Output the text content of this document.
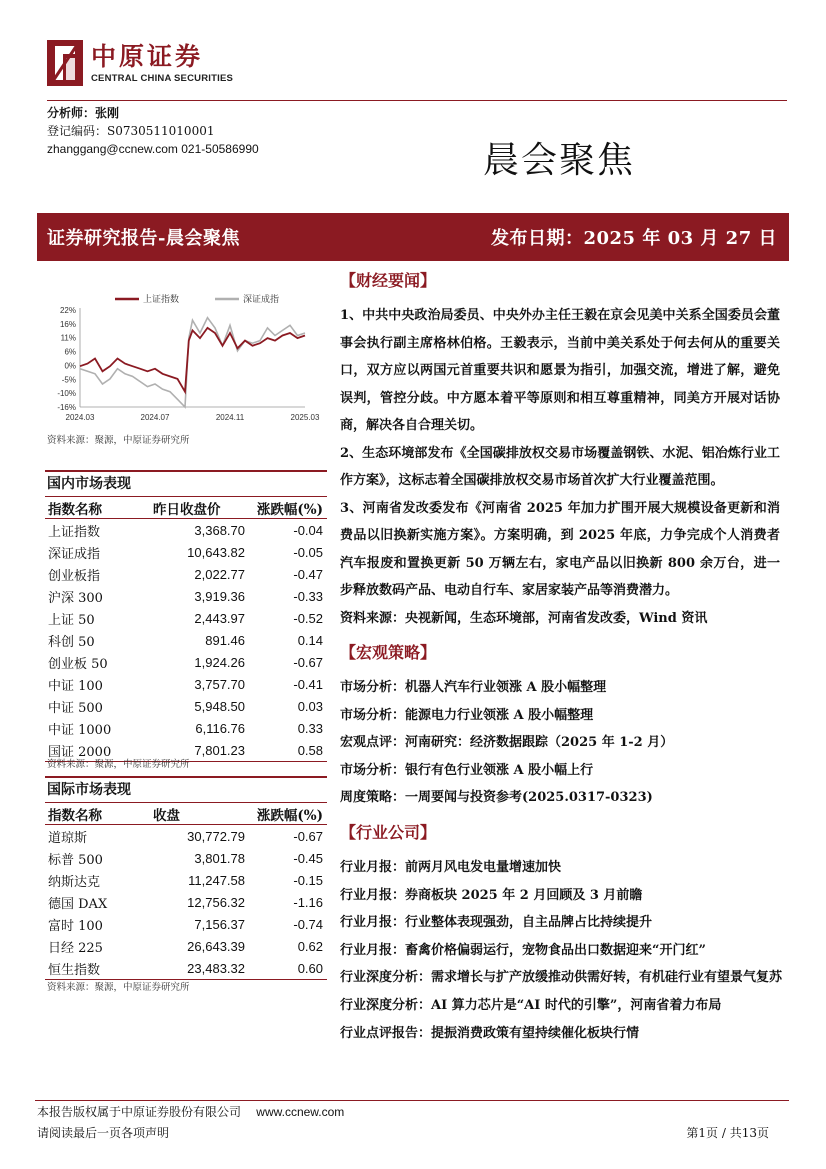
中原证券
CENTRAL CHINA SECURITIES
分析师：张刚
登记编码：S0730511010001
zhanggang@ccnew.com 021-50586990	晨会聚焦
证券研究报告-晨会聚焦	发布日期：2025 年 03 月 27 日
22%
16%
11%
6%
0%
-5%
-10%
-16%
2024.03	2024.07	2024.11	2025.03
上证指数	深证成指
资料来源：聚源，中原证券研究所
国内市场表现
指数名称	昨日收盘价	涨跌幅(%)
上证指数	3,368.70	-0.04
深证成指	10,643.82	-0.05
创业板指	2,022.77	-0.47
沪深 300	3,919.36	-0.33
上证 50	2,443.97	-0.52
科创 50	891.46	0.14
创业板 50	1,924.26	-0.67
中证 100	3,757.70	-0.41
中证 500	5,948.50	0.03
中证 1000	6,116.76	0.33
国证 2000	7,801.23	0.58
资料来源：聚源，中原证券研究所
国际市场表现
指数名称	收盘	涨跌幅(%)
道琼斯	30,772.79	-0.67
标普 500	3,801.78	-0.45
纳斯达克	11,247.58	-0.15
德国 DAX	12,756.32	-1.16
富时 100	7,156.37	-0.74
日经 225	26,643.39	0.62
恒生指数	23,483.32	0.60
资料来源：聚源，中原证券研究所
【财经要闻】
1、中共中央政治局委员、中央外办主任王毅在京会见美中关系全国委员会董事会执行副主席格林伯格。王毅表示，当前中美关系处于何去何从的重要关口，双方应以两国元首重要共识和愿景为指引，加强交流，增进了解，避免误判，管控分歧。中方愿本着平等原则和相互尊重精神，同美方开展对话协商，解决各自合理关切。
2、生态环境部发布《全国碳排放权交易市场覆盖钢铁、水泥、铝冶炼行业工作方案》，这标志着全国碳排放权交易市场首次扩大行业覆盖范围。
3、河南省发改委发布《河南省 2025 年加力扩围开展大规模设备更新和消费品以旧换新实施方案》。方案明确，到 2025 年底，力争完成个人消费者汽车报废和置换更新 50 万辆左右，家电产品以旧换新 800 余万台，进一步释放数码产品、电动自行车、家居家装产品等消费潜力。
资料来源：央视新闻，生态环境部，河南省发改委，Wind 资讯
【宏观策略】
市场分析：机器人汽车行业领涨 A 股小幅整理
市场分析：能源电力行业领涨 A 股小幅整理
宏观点评：河南研究：经济数据跟踪（2025 年 1-2 月）
市场分析：银行有色行业领涨 A 股小幅上行
周度策略：一周要闻与投资参考(2025.0317-0323)
【行业公司】
行业月报：前两月风电发电量增速加快
行业月报：券商板块 2025 年 2 月回顾及 3 月前瞻
行业月报：行业整体表现强劲，自主品牌占比持续提升
行业月报：畜禽价格偏弱运行，宠物食品出口数据迎来“开门红”
行业深度分析：需求增长与扩产放缓推动供需好转，有机硅行业有望景气复苏
行业深度分析：AI 算力芯片是“AI 时代的引擎”，河南省着力布局
行业点评报告：提振消费政策有望持续催化板块行情
本报告版权属于中原证券股份有限公司 www.ccnew.com
请阅读最后一页各项声明	第1页 / 共13页
